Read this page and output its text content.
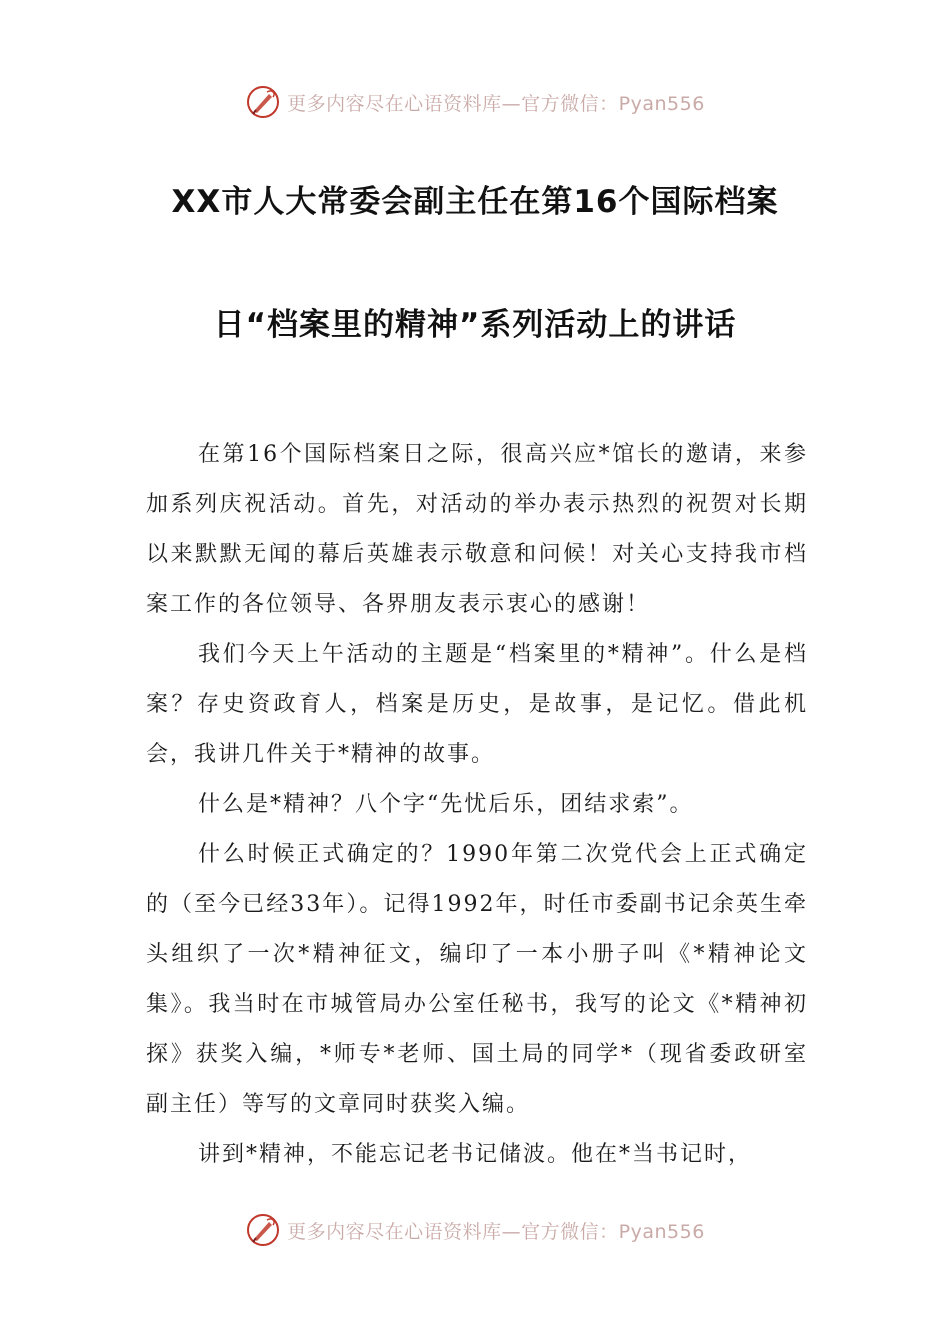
更多内容尽在心语资料库—官方微信：Pyan556
XX市人大常委会副主任在第16个国际档案
日“档案里的精神”系列活动上的讲话

在第16个国际档案日之际，很高兴应*馆长的邀请，来参加系列庆祝活动。首先，对活动的举办表示热烈的祝贺对长期以来默默无闻的幕后英雄表示敬意和问候！对关心支持我市档案工作的各位领导、各界朋友表示衷心的感谢！

我们今天上午活动的主题是“档案里的*精神”。什么是档案？存史资政育人，档案是历史，是故事，是记忆。借此机会，我讲几件关于*精神的故事。

什么是*精神？八个字“先忧后乐，团结求索”。

什么时候正式确定的？1990年第二次党代会上正式确定的（至今已经33年）。记得1992年，时任市委副书记余英生牵头组织了一次*精神征文，编印了一本小册子叫《*精神论文集》。我当时在市城管局办公室任秘书，我写的论文《*精神初探》获奖入编，*师专*老师、国土局的同学*（现省委政研室副主任）等写的文章同时获奖入编。

讲到*精神，不能忘记老书记储波。他在*当书记时，

更多内容尽在心语资料库—官方微信：Pyan556
